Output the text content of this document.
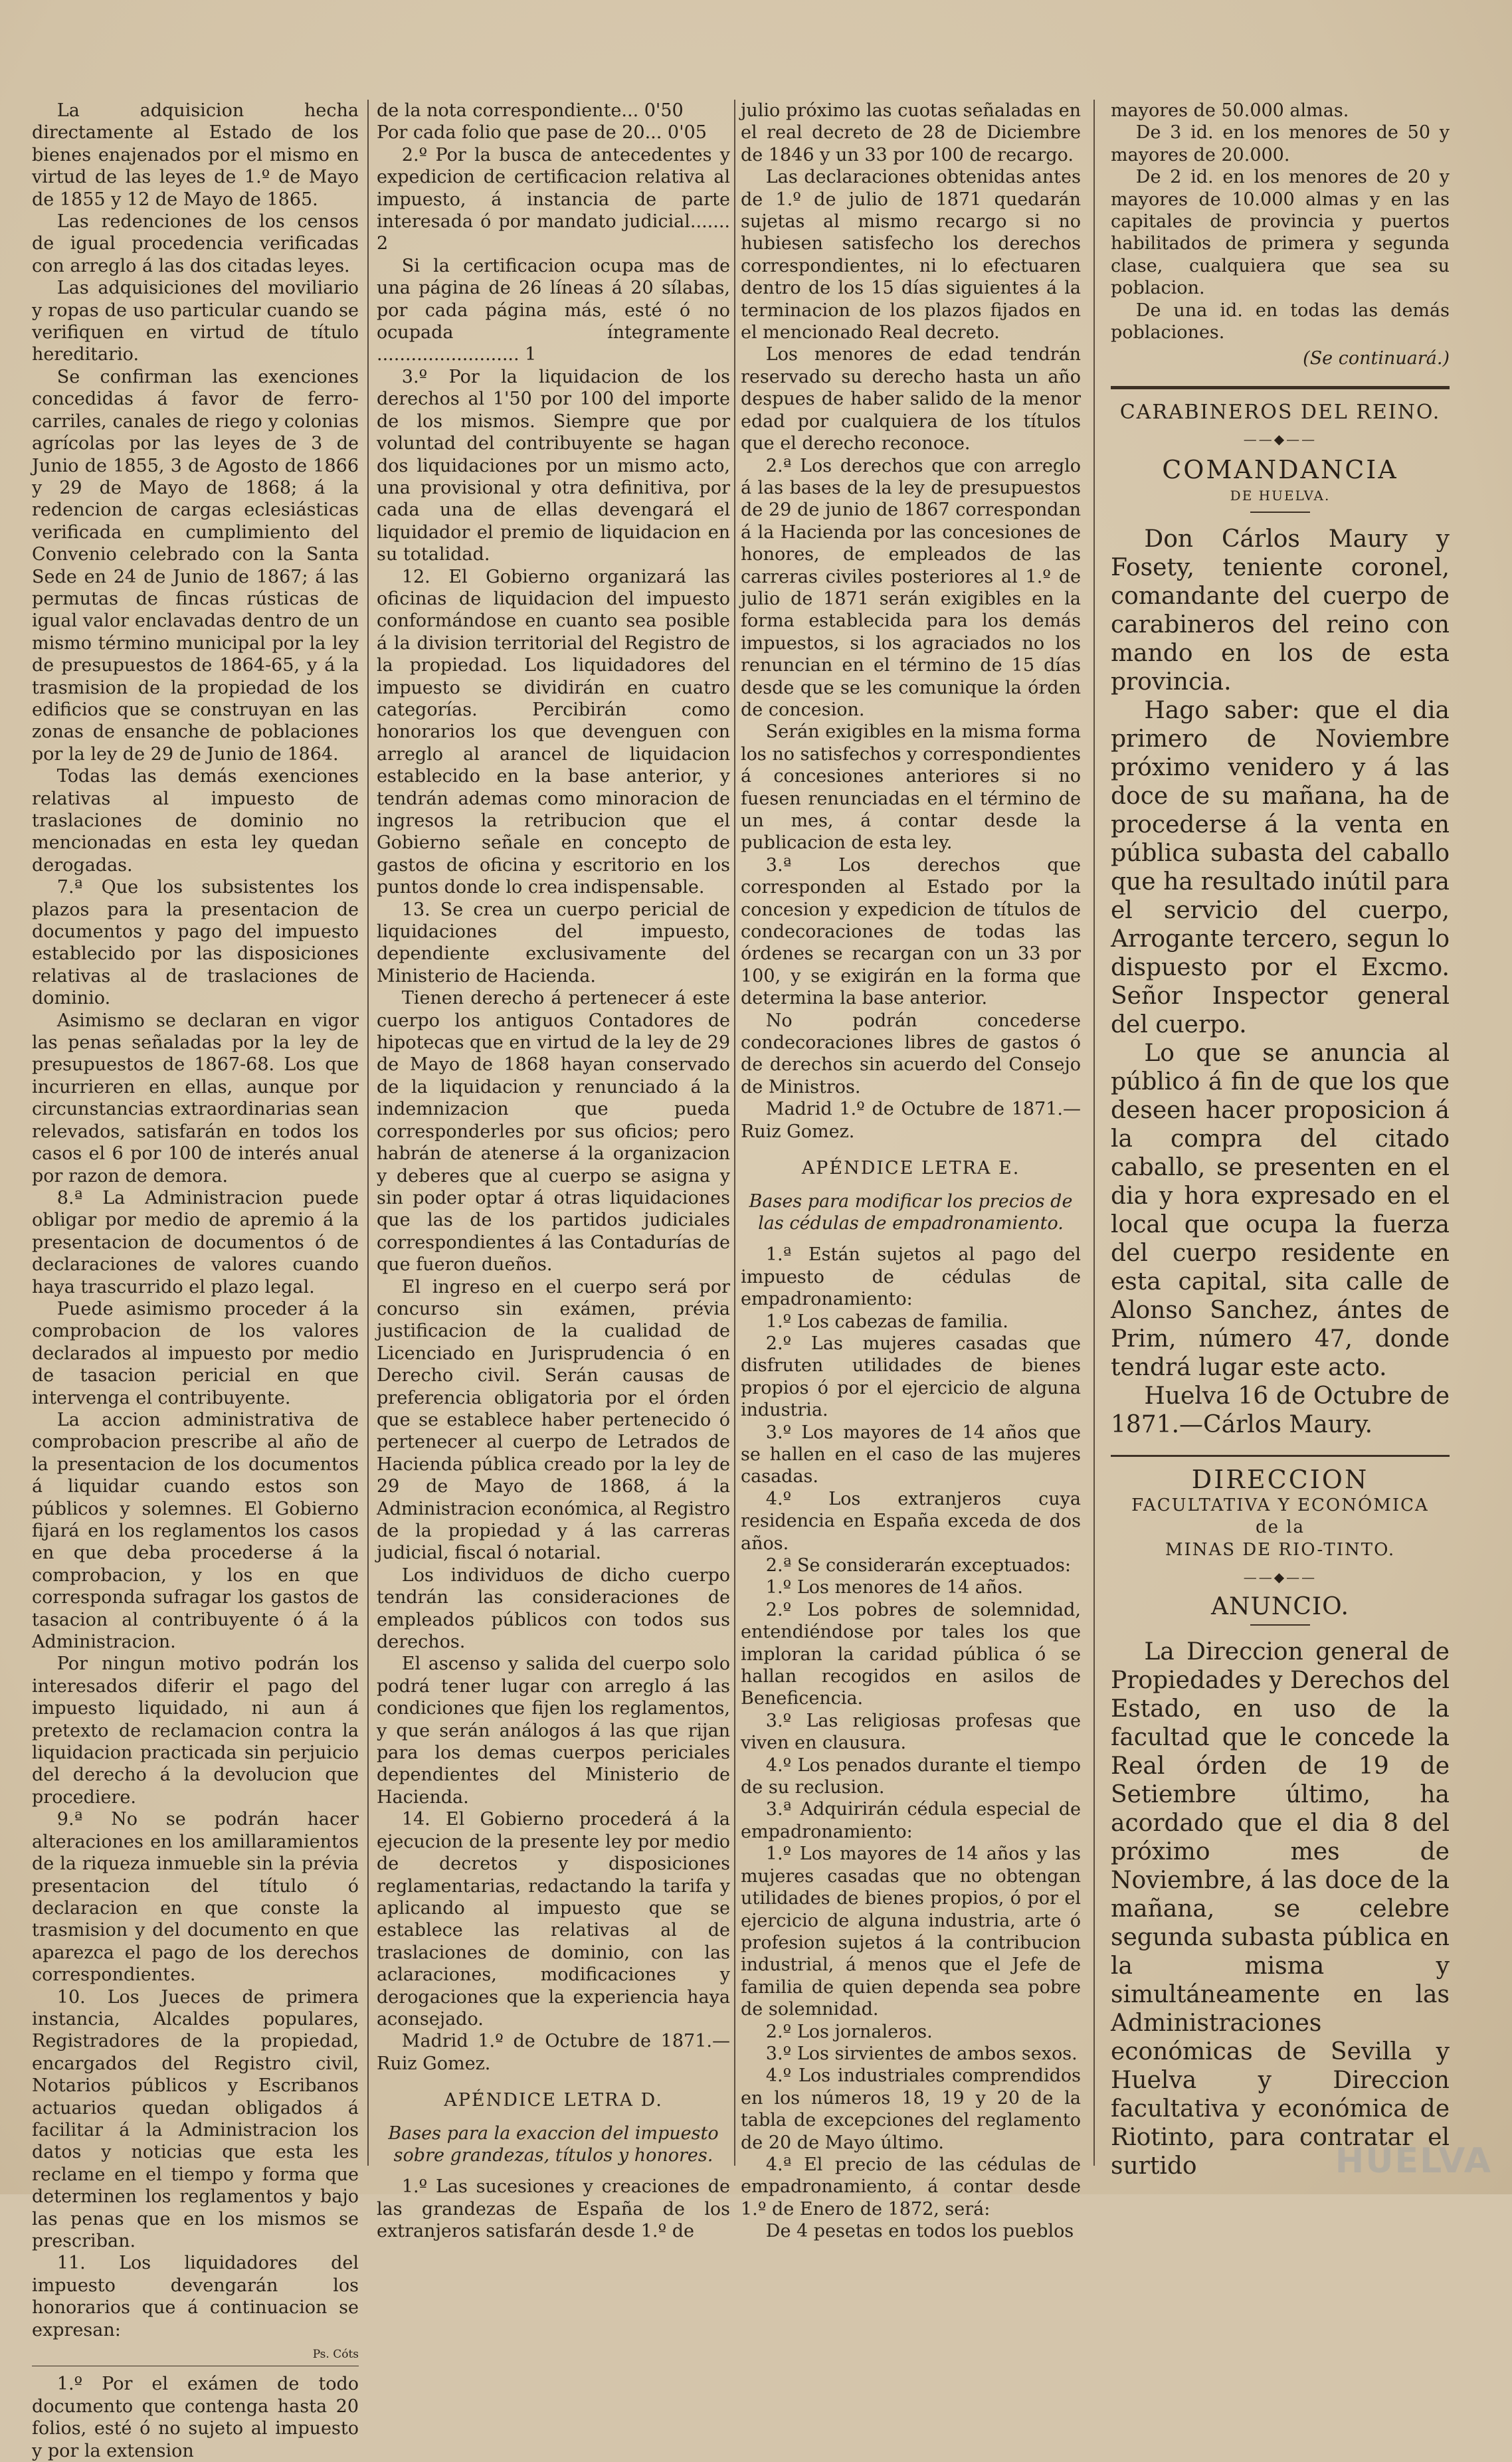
La adquisicion hecha directamente al Estado de los bienes enajenados por el mismo en virtud de las leyes de 1.º de Mayo de 1855 y 12 de Mayo de 1865.

Las redenciones de los censos de igual procedencia verificadas con arreglo á las dos citadas leyes.

Las adquisiciones del moviliario y ropas de uso particular cuando se verifiquen en virtud de título hereditario.

Se confirman las exenciones concedidas á favor de ferro-carriles, canales de riego y colonias agrícolas por las leyes de 3 de Junio de 1855, 3 de Agosto de 1866 y 29 de Mayo de 1868; á la redencion de cargas eclesiásticas verificada en cumplimiento del Convenio celebrado con la Santa Sede en 24 de Junio de 1867; á las permutas de fincas rústicas de igual valor enclavadas dentro de un mismo término municipal por la ley de presupuestos de 1864-65, y á la trasmision de la propiedad de los edificios que se construyan en las zonas de ensanche de poblaciones por la ley de 29 de Junio de 1864.

Todas las demás exenciones relativas al impuesto de traslaciones de dominio no mencionadas en esta ley quedan derogadas.

7.ª Que los subsistentes los plazos para la presentacion de documentos y pago del impuesto establecido por las disposiciones relativas al de traslaciones de dominio.

Asimismo se declaran en vigor las penas señaladas por la ley de presupuestos de 1867-68. Los que incurrieren en ellas, aunque por circunstancias extraordinarias sean relevados, satisfarán en todos los casos el 6 por 100 de interés anual por razon de demora.

8.ª La Administracion puede obligar por medio de apremio á la presentacion de documentos ó de declaraciones de valores cuando haya trascurrido el plazo legal.

Puede asimismo proceder á la comprobacion de los valores declarados al impuesto por medio de tasacion pericial en que intervenga el contribuyente.

La accion administrativa de comprobacion prescribe al año de la presentacion de los documentos á liquidar cuando estos son públicos y solemnes. El Gobierno fijará en los reglamentos los casos en que deba procederse á la comprobacion, y los en que corresponda sufragar los gastos de tasacion al contribuyente ó á la Administracion.

Por ningun motivo podrán los interesados diferir el pago del impuesto liquidado, ni aun á pretexto de reclamacion contra la liquidacion practicada sin perjuicio del derecho á la devolucion que procediere.

9.ª No se podrán hacer alteraciones en los amillaramientos de la riqueza inmueble sin la prévia presentacion del título ó declaracion en que conste la trasmision y del documento en que aparezca el pago de los derechos correspondientes.

10. Los Jueces de primera instancia, Alcaldes populares, Registradores de la propiedad, encargados del Registro civil, Notarios públicos y Escribanos actuarios quedan obligados á facilitar á la Administracion los datos y noticias que esta les reclame en el tiempo y forma que determinen los reglamentos y bajo las penas que en los mismos se prescriban.

11. Los liquidadores del impuesto devengarán los honorarios que á continuacion se expresan:

Ps. Cóts

1.º Por el exámen de todo documento que contenga hasta 20 folios, esté ó no sujeto al impuesto y por la extension

de la nota correspondiente... 0'50

Por cada folio que pase de 20... 0'05

2.º Por la busca de antecedentes y expedicion de certificacion relativa al impuesto, á instancia de parte interesada ó por mandato judicial....... 2

Si la certificacion ocupa mas de una página de 26 líneas á 20 sílabas, por cada página más, esté ó no ocupada íntegramente ......................... 1

3.º Por la liquidacion de los derechos al 1'50 por 100 del importe de los mismos. Siempre que por voluntad del contribuyente se hagan dos liquidaciones por un mismo acto, una provisional y otra definitiva, por cada una de ellas devengará el liquidador el premio de liquidacion en su totalidad.

12. El Gobierno organizará las oficinas de liquidacion del impuesto conformándose en cuanto sea posible á la division territorial del Registro de la propiedad. Los liquidadores del impuesto se dividirán en cuatro categorías. Percibirán como honorarios los que devenguen con arreglo al arancel de liquidacion establecido en la base anterior, y tendrán ademas como minoracion de ingresos la retribucion que el Gobierno señale en concepto de gastos de oficina y escritorio en los puntos donde lo crea indispensable.

13. Se crea un cuerpo pericial de liquidaciones del impuesto, dependiente exclusivamente del Ministerio de Hacienda.

Tienen derecho á pertenecer á este cuerpo los antiguos Contadores de hipotecas que en virtud de la ley de 29 de Mayo de 1868 hayan conservado de la liquidacion y renunciado á la indemnizacion que pueda corresponderles por sus oficios; pero habrán de atenerse á la organizacion y deberes que al cuerpo se asigna y sin poder optar á otras liquidaciones que las de los partidos judiciales correspondientes á las Contadurías de que fueron dueños.

El ingreso en el cuerpo será por concurso sin exámen, prévia justificacion de la cualidad de Licenciado en Jurisprudencia ó en Derecho civil. Serán causas de preferencia obligatoria por el órden que se establece haber pertenecido ó pertenecer al cuerpo de Letrados de Hacienda pública creado por la ley de 29 de Mayo de 1868, á la Administracion económica, al Registro de la propiedad y á las carreras judicial, fiscal ó notarial.

Los individuos de dicho cuerpo tendrán las consideraciones de empleados públicos con todos sus derechos.

El ascenso y salida del cuerpo solo podrá tener lugar con arreglo á las condiciones que fijen los reglamentos, y que serán análogos á las que rijan para los demas cuerpos periciales dependientes del Ministerio de Hacienda.

14. El Gobierno procederá á la ejecucion de la presente ley por medio de decretos y disposiciones reglamentarias, redactando la tarifa y aplicando al impuesto que se establece las relativas al de traslaciones de dominio, con las aclaraciones, modificaciones y derogaciones que la experiencia haya aconsejado.

Madrid 1.º de Octubre de 1871.— Ruiz Gomez.

APÉNDICE LETRA D.

Bases para la exaccion del impuesto sobre grandezas, títulos y honores.

1.º Las sucesiones y creaciones de las grandezas de España de los extranjeros satisfarán desde 1.º de

julio próximo las cuotas señaladas en el real decreto de 28 de Diciembre de 1846 y un 33 por 100 de recargo.

Las declaraciones obtenidas antes de 1.º de julio de 1871 quedarán sujetas al mismo recargo si no hubiesen satisfecho los derechos correspondientes, ni lo efectuaren dentro de los 15 días siguientes á la terminacion de los plazos fijados en el mencionado Real decreto.

Los menores de edad tendrán reservado su derecho hasta un año despues de haber salido de la menor edad por cualquiera de los títulos que el derecho reconoce.

2.ª Los derechos que con arreglo á las bases de la ley de presupuestos de 29 de junio de 1867 correspondan á la Hacienda por las concesiones de honores, de empleados de las carreras civiles posteriores al 1.º de julio de 1871 serán exigibles en la forma establecida para los demás impuestos, si los agraciados no los renuncian en el término de 15 días desde que se les comunique la órden de concesion.

Serán exigibles en la misma forma los no satisfechos y correspondientes á concesiones anteriores si no fuesen renunciadas en el término de un mes, á contar desde la publicacion de esta ley.

3.ª Los derechos que corresponden al Estado por la concesion y expedicion de títulos de condecoraciones de todas las órdenes se recargan con un 33 por 100, y se exigirán en la forma que determina la base anterior.

No podrán concederse condecoraciones libres de gastos ó de derechos sin acuerdo del Consejo de Ministros.

Madrid 1.º de Octubre de 1871.— Ruiz Gomez.

APÉNDICE LETRA E.

Bases para modificar los precios de las cédulas de empadronamiento.

1.ª Están sujetos al pago del impuesto de cédulas de empadronamiento:

1.º Los cabezas de familia.

2.º Las mujeres casadas que disfruten utilidades de bienes propios ó por el ejercicio de alguna industria.

3.º Los mayores de 14 años que se hallen en el caso de las mujeres casadas.

4.º Los extranjeros cuya residencia en España exceda de dos años.

2.ª Se considerarán exceptuados:

1.º Los menores de 14 años.

2.º Los pobres de solemnidad, entendiéndose por tales los que imploran la caridad pública ó se hallan recogidos en asilos de Beneficencia.

3.º Las religiosas profesas que viven en clausura.

4.º Los penados durante el tiempo de su reclusion.

3.ª Adquirirán cédula especial de empadronamiento:

1.º Los mayores de 14 años y las mujeres casadas que no obtengan utilidades de bienes propios, ó por el ejercicio de alguna industria, arte ó profesion sujetos á la contribucion industrial, á menos que el Jefe de familia de quien dependa sea pobre de solemnidad.

2.º Los jornaleros.

3.º Los sirvientes de ambos sexos.

4.º Los industriales comprendidos en los números 18, 19 y 20 de la tabla de excepciones del reglamento de 20 de Mayo último.

4.ª El precio de las cédulas de empadronamiento, á contar desde 1.º de Enero de 1872, será:

De 4 pesetas en todos los pueblos

mayores de 50.000 almas.

De 3 id. en los menores de 50 y mayores de 20.000.

De 2 id. en los menores de 20 y mayores de 10.000 almas y en las capitales de provincia y puertos habilitados de primera y segunda clase, cualquiera que sea su poblacion.

De una id. en todas las demás poblaciones.

(Se continuará.)

CARABINEROS DEL REINO.

——◆——

COMANDANCIA

DE HUELVA.

Don Cárlos Maury y Fosety, teniente coronel, comandante del cuerpo de carabineros del reino con mando en los de esta provincia.

Hago saber: que el dia primero de Noviembre próximo venidero y á las doce de su mañana, ha de procederse á la venta en pública subasta del caballo que ha resultado inútil para el servicio del cuerpo, Arrogante tercero, segun lo dispuesto por el Excmo. Señor Inspector general del cuerpo.

Lo que se anuncia al público á fin de que los que deseen hacer proposicion á la compra del citado caballo, se presenten en el dia y hora expresado en el local que ocupa la fuerza del cuerpo residente en esta capital, sita calle de Alonso Sanchez, ántes de Prim, número 47, donde tendrá lugar este acto.

Huelva 16 de Octubre de 1871.—Cárlos Maury.

DIRECCION

FACULTATIVA Y ECONÓMICA

de la

MINAS DE RIO-TINTO.

——◆——

ANUNCIO.

La Direccion general de Propiedades y Derechos del Estado, en uso de la facultad que le concede la Real órden de 19 de Setiembre último, ha acordado que el dia 8 del próximo mes de Noviembre, á las doce de la mañana, se celebre segunda subasta pública en la misma y simultáneamente en las Administraciones económicas de Sevilla y Huelva y Direccion facultativa y económica de Riotinto, para contratar el surtido	HUELVA
